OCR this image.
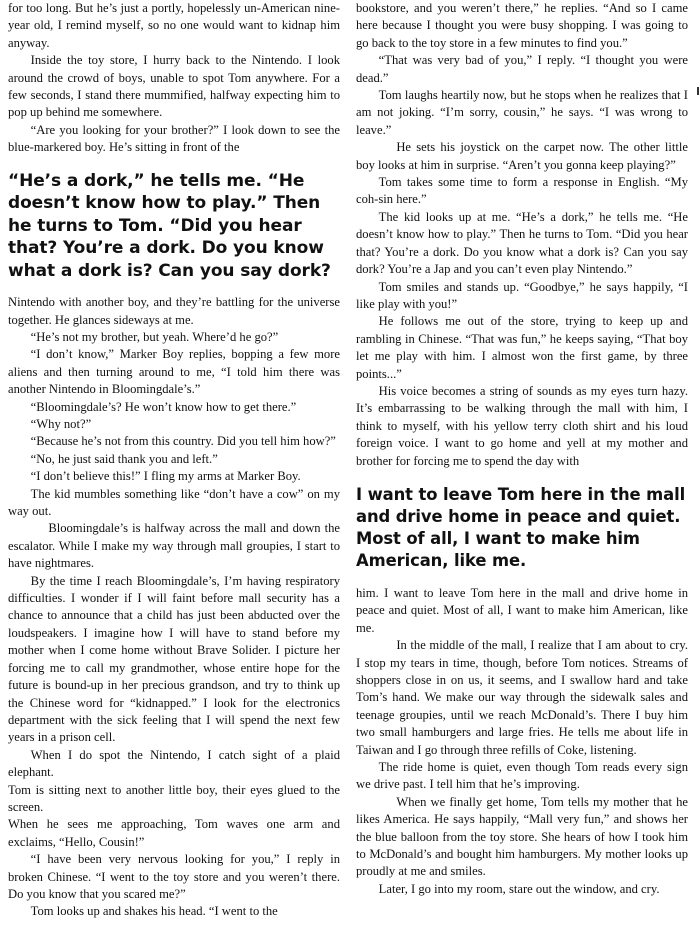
for too long. But he’s just a portly, hopelessly un-American nine-year old, I remind myself, so no one would want to kidnap him anyway.

Inside the toy store, I hurry back to the Nintendo. I look around the crowd of boys, unable to spot Tom anywhere. For a few seconds, I stand there mummified, halfway expecting him to pop up behind me somewhere.

“Are you looking for your brother?” I look down to see the blue-markered boy. He’s sitting in front of the

“He’s a dork,” he tells me. “He doesn’t know how to play.” Then he turns to Tom. “Did you hear that? You’re a dork. Do you know what a dork is? Can you say dork?

Nintendo with another boy, and they’re battling for the universe together. He glances sideways at me.

“He’s not my brother, but yeah. Where’d he go?”

“I don’t know,” Marker Boy replies, bopping a few more aliens and then turning around to me, “I told him there was another Nintendo in Bloomingdale’s.”

“Bloomingdale’s? He won’t know how to get there.”

“Why not?”

“Because he’s not from this country. Did you tell him how?”

“No, he just said thank you and left.”

“I don’t believe this!” I fling my arms at Marker Boy.

The kid mumbles something like “don’t have a cow” on my way out.

Bloomingdale’s is halfway across the mall and down the escalator. While I make my way through mall groupies, I start to have nightmares.

By the time I reach Bloomingdale’s, I’m having respiratory difficulties. I wonder if I will faint before mall security has a chance to announce that a child has just been abducted over the loudspeakers. I imagine how I will have to stand before my mother when I come home without Brave Solider. I picture her forcing me to call my grandmother, whose entire hope for the future is bound-up in her precious grandson, and try to think up the Chinese word for “kidnapped.” I look for the electronics department with the sick feeling that I will spend the next few years in a prison cell.

When I do spot the Nintendo, I catch sight of a plaid elephant.

Tom is sitting next to another little boy, their eyes glued to the screen.

When he sees me approaching, Tom waves one arm and exclaims, “Hello, Cousin!”

“I have been very nervous looking for you,” I reply in broken Chinese. “I went to the toy store and you weren’t there. Do you know that you scared me?”

Tom looks up and shakes his head. “I went to the

bookstore, and you weren’t there,” he replies. “And so I came here because I thought you were busy shopping. I was going to go back to the toy store in a few minutes to find you.”

“That was very bad of you,” I reply. “I thought you were dead.”

Tom laughs heartily now, but he stops when he realizes that I am not joking. “I’m sorry, cousin,” he says. “I was wrong to leave.”

He sets his joystick on the carpet now. The other little boy looks at him in surprise. “Aren’t you gonna keep playing?”

Tom takes some time to form a response in English. “My coh-sin here.”

The kid looks up at me. “He’s a dork,” he tells me. “He doesn’t know how to play.” Then he turns to Tom. “Did you hear that? You’re a dork. Do you know what a dork is? Can you say dork? You’re a Jap and you can’t even play Nintendo.”

Tom smiles and stands up. “Goodbye,” he says happily, “I like play with you!”

He follows me out of the store, trying to keep up and rambling in Chinese. “That was fun,” he keeps saying, “That boy let me play with him. I almost won the first game, by three points...”

His voice becomes a string of sounds as my eyes turn hazy. It’s embarrassing to be walking through the mall with him, I think to myself, with his yellow terry cloth shirt and his loud foreign voice. I want to go home and yell at my mother and brother for forcing me to spend the day with

I want to leave Tom here in the mall and drive home in peace and quiet. Most of all, I want to make him American, like me.

him. I want to leave Tom here in the mall and drive home in peace and quiet. Most of all, I want to make him American, like me.

In the middle of the mall, I realize that I am about to cry. I stop my tears in time, though, before Tom notices. Streams of shoppers close in on us, it seems, and I swallow hard and take Tom’s hand. We make our way through the sidewalk sales and teenage groupies, until we reach McDonald’s. There I buy him two small hamburgers and large fries. He tells me about life in Taiwan and I go through three refills of Coke, listening.

The ride home is quiet, even though Tom reads every sign we drive past. I tell him that he’s improving.

When we finally get home, Tom tells my mother that he likes America. He says happily, “Mall very fun,” and shows her the blue balloon from the toy store. She hears of how I took him to McDonald’s and bought him hamburgers. My mother looks up proudly at me and smiles.

Later, I go into my room, stare out the window, and cry.
